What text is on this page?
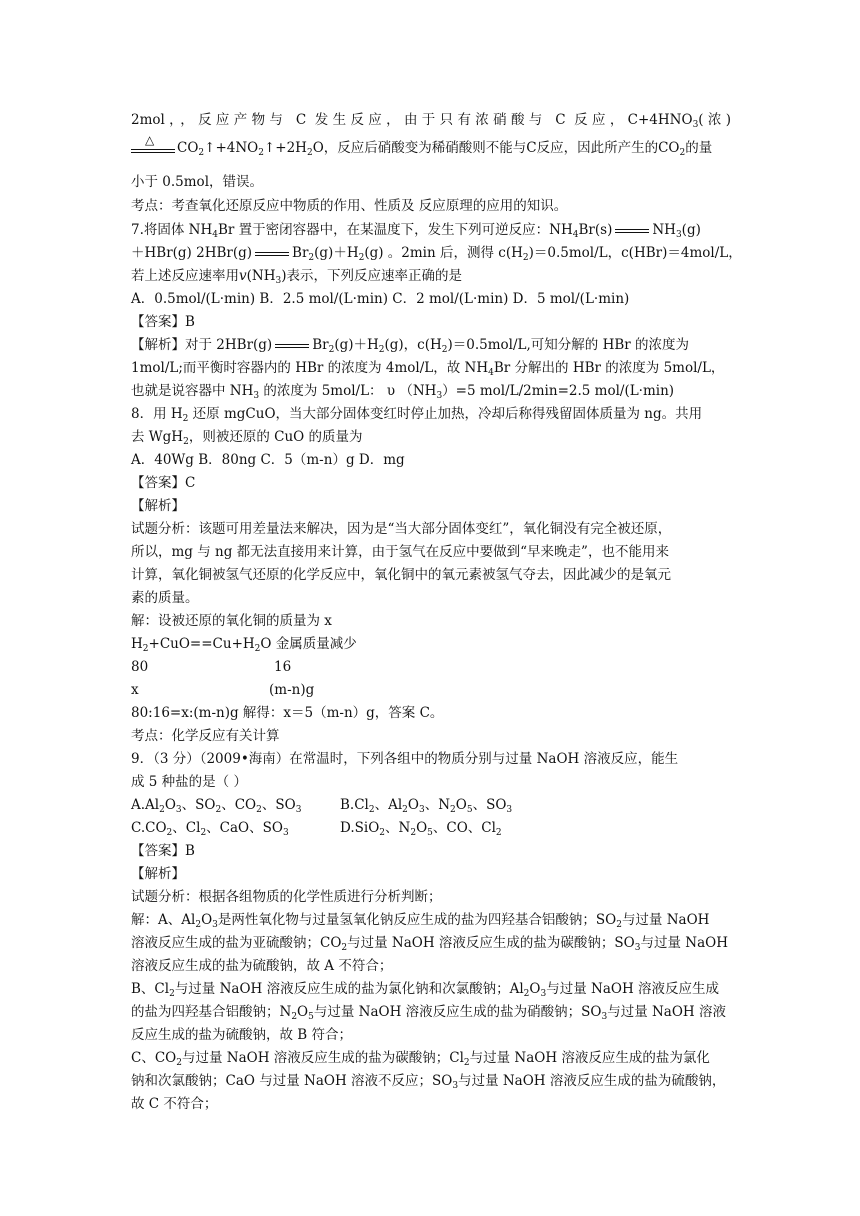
2mol，，反应产物与 C 发生反应，由于只有浓硝酸与 C 反应，$C+4HNO_3$(浓)
△ $CO_2↑+4NO_2↑+2H_2O$，反应后硝酸变为稀硝酸则不能与C反应，因此所产生的$CO_2$的量
小于 0.5mol，错误。
考点：考查氧化还原反应中物质的作用、性质及 反应原理的应用的知识。
7.将固体 $NH_4Br$ 置于密闭容器中，在某温度下，发生下列可逆反应：$NH_4Br(s)$	$NH_3(g)$
＋HBr(g) 2HBr(g)	$Br_2(g)+H_2(g)$ 。2min 后，测得 $c(H_2)=0.5mol/L$，c(HBr)＝4mol/L，
若上述反应速率用$v(NH_3)$表示，下列反应速率正确的是
A．0.5mol/(L·min) B．2.5 mol/(L·min) C．2 mol/(L·min) D．5 mol/(L·min)
【答案】B
【解析】对于 2HBr(g)	$Br_2(g)+H_2(g)$，$c(H_2)=0.5mol/L$,可知分解的 HBr 的浓度为
1mol/L;而平衡时容器内的 HBr 的浓度为 4mol/L，故 $NH_4Br$ 分解出的 HBr 的浓度为 5mol/L，
也就是说容器中 $NH_3$ 的浓度为 5mol/L： υ $(NH_3)=5$ mol/L/2min=2.5 mol/(L·min)
8．用 $H_2$ 还原 mgCuO，当大部分固体变红时停止加热，冷却后称得残留固体质量为 ng。共用
去 WgH$_2$，则被还原的 CuO 的质量为
A．40Wg B．80ng C．5（m-n）g D．mg
【答案】C
【解析】
试题分析：该题可用差量法来解决，因为是“当大部分固体变红”，氧化铜没有完全被还原，
所以，mg 与 ng 都无法直接用来计算，由于氢气在反应中要做到“早来晚走”，也不能用来
计算，氧化铜被氢气还原的化学反应中，氧化铜中的氧元素被氢气夺去，因此减少的是氧元
素的质量。
解：设被还原的氧化铜的质量为 x
$H_2+CuO==Cu+H_2O$ 金属质量减少
80	16
x	(m-n)g
80:16=x:(m-n)g 解得：x＝5（m-n）g，答案 C。
考点：化学反应有关计算
9．（3 分）（2009•海南）在常温时，下列各组中的物质分别与过量 NaOH 溶液反应，能生
成 5 种盐的是（ ）
$A.Al_2O_3$、$SO_2$、$CO_2$、$SO_3$	$B.Cl_2$、$Al_2O_3$、$N_2O_5$、$SO_3$
$C.CO_2$、$Cl_2$、CaO、$SO_3$	D.SiO$_2$、$N_2O_5$、CO、$Cl_2$
【答案】B
【解析】
试题分析：根据各组物质的化学性质进行分析判断；
解：A、$Al_2O_3$是两性氧化物与过量氢氧化钠反应生成的盐为四羟基合铝酸钠；$SO_2$与过量 NaOH
溶液反应生成的盐为亚硫酸钠；$CO_2$与过量 NaOH 溶液反应生成的盐为碳酸钠；$SO_3$与过量 NaOH
溶液反应生成的盐为硫酸钠，故 A 不符合；
B、$Cl_2$与过量 NaOH 溶液反应生成的盐为氯化钠和次氯酸钠；$Al_2O_3$与过量 NaOH 溶液反应生成
的盐为四羟基合铝酸钠；$N_2O_5$与过量 NaOH 溶液反应生成的盐为硝酸钠；$SO_3$与过量 NaOH 溶液
反应生成的盐为硫酸钠，故 B 符合；
C、$CO_2$与过量 NaOH 溶液反应生成的盐为碳酸钠；$Cl_2$与过量 NaOH 溶液反应生成的盐为氯化
钠和次氯酸钠；CaO 与过量 NaOH 溶液不反应；$SO_3$与过量 NaOH 溶液反应生成的盐为硫酸钠，
故 C 不符合；
